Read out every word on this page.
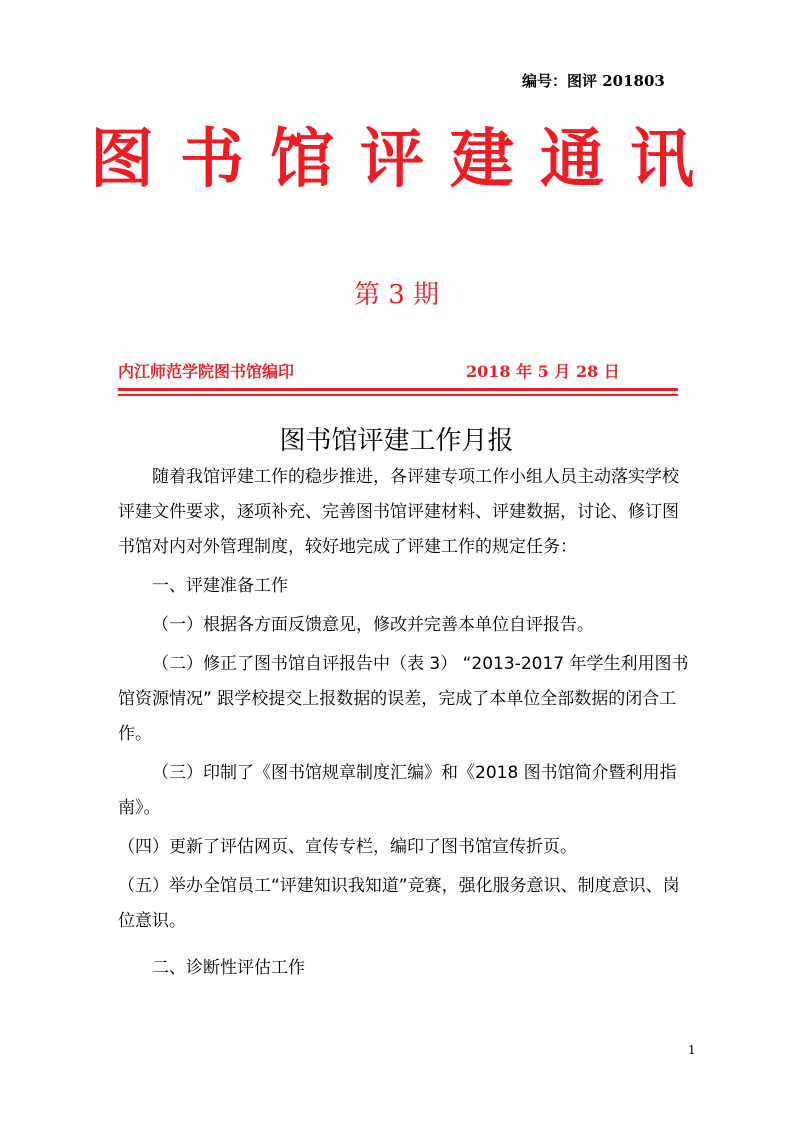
编号：图评 201803
图书馆评建通讯
第 3 期
内江师范学院图书馆编印	2018 年 5 月 28 日
图书馆评建工作月报

随着我馆评建工作的稳步推进，各评建专项工作小组人员主动落实学校评建文件要求，逐项补充、完善图书馆评建材料、评建数据，讨论、修订图书馆对内对外管理制度，较好地完成了评建工作的规定任务：

一、评建准备工作

（一）根据各方面反馈意见，修改并完善本单位自评报告。

（二）修正了图书馆自评报告中（表 3） “2013-2017 年学生利用图书馆资源情况” 跟学校提交上报数据的误差，完成了本单位全部数据的闭合工作。

（三）印制了《图书馆规章制度汇编》和《2018 图书馆简介暨利用指南》。

（四）更新了评估网页、宣传专栏，编印了图书馆宣传折页。

（五）举办全馆员工“评建知识我知道”竞赛，强化服务意识、制度意识、岗位意识。

二、诊断性评估工作

1
